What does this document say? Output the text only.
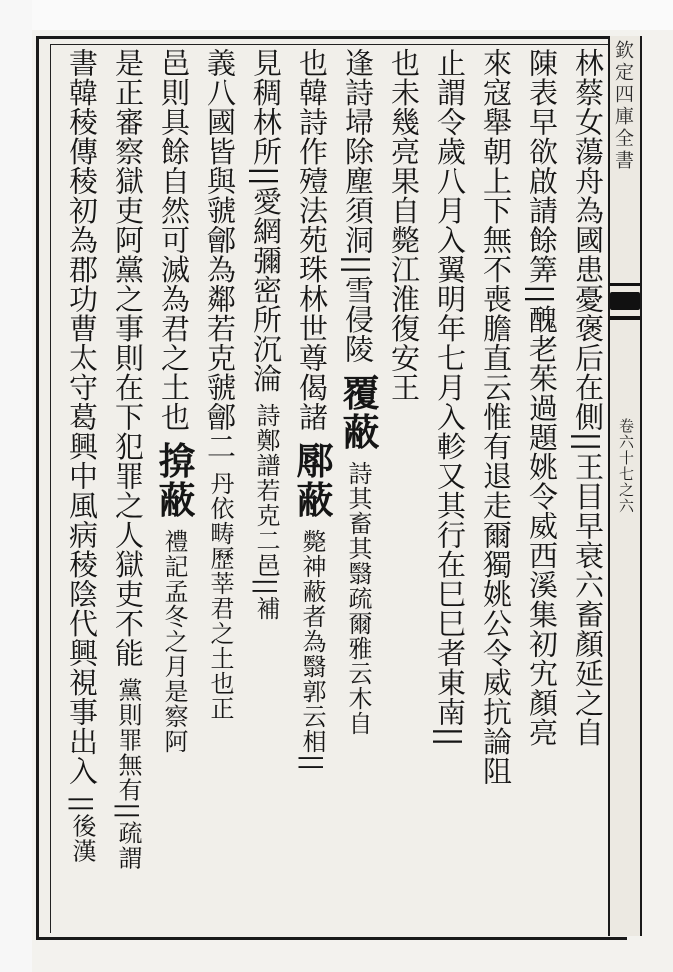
欽定四庫全書
卷六十七之六
林蔡女蕩舟為國患憂褒后在側||王目早衰六畜顏延之自
陳表早欲啟請餘筭||醜老茱過題姚令威西溪集初宄顏亮
來寇舉朝上下無不喪膽直云惟有退走爾獨姚公令威抗論阻
止謂令歲八月入翼明年七月入軫又其行在巳巳者東南||
也未幾亮果自斃江淮復安王
逢詩埽除塵須洞||雪侵陵 覆蔽 詩其畜其翳疏爾雅云木自
也韓詩作殪法苑珠林世尊偈諸 鄏蔽 斃神蔽者為翳郭云相||
見稠林所||愛網彌密所沉淪 詩鄭譜若克二邑||補
義八國皆與虢鄶為鄰若克虢鄶二 丹依畴歷莘君之土也正
邑則具餘自然可滅為君之土也 揜蔽 禮記孟冬之月是察阿
是正審察獄吏阿黨之事則在下犯罪之人獄吏不能 黨則罪無有||疏謂
書韓稜傳稜初為郡功曹太守葛興中風病稜陰代興視事出入 ||後漢
